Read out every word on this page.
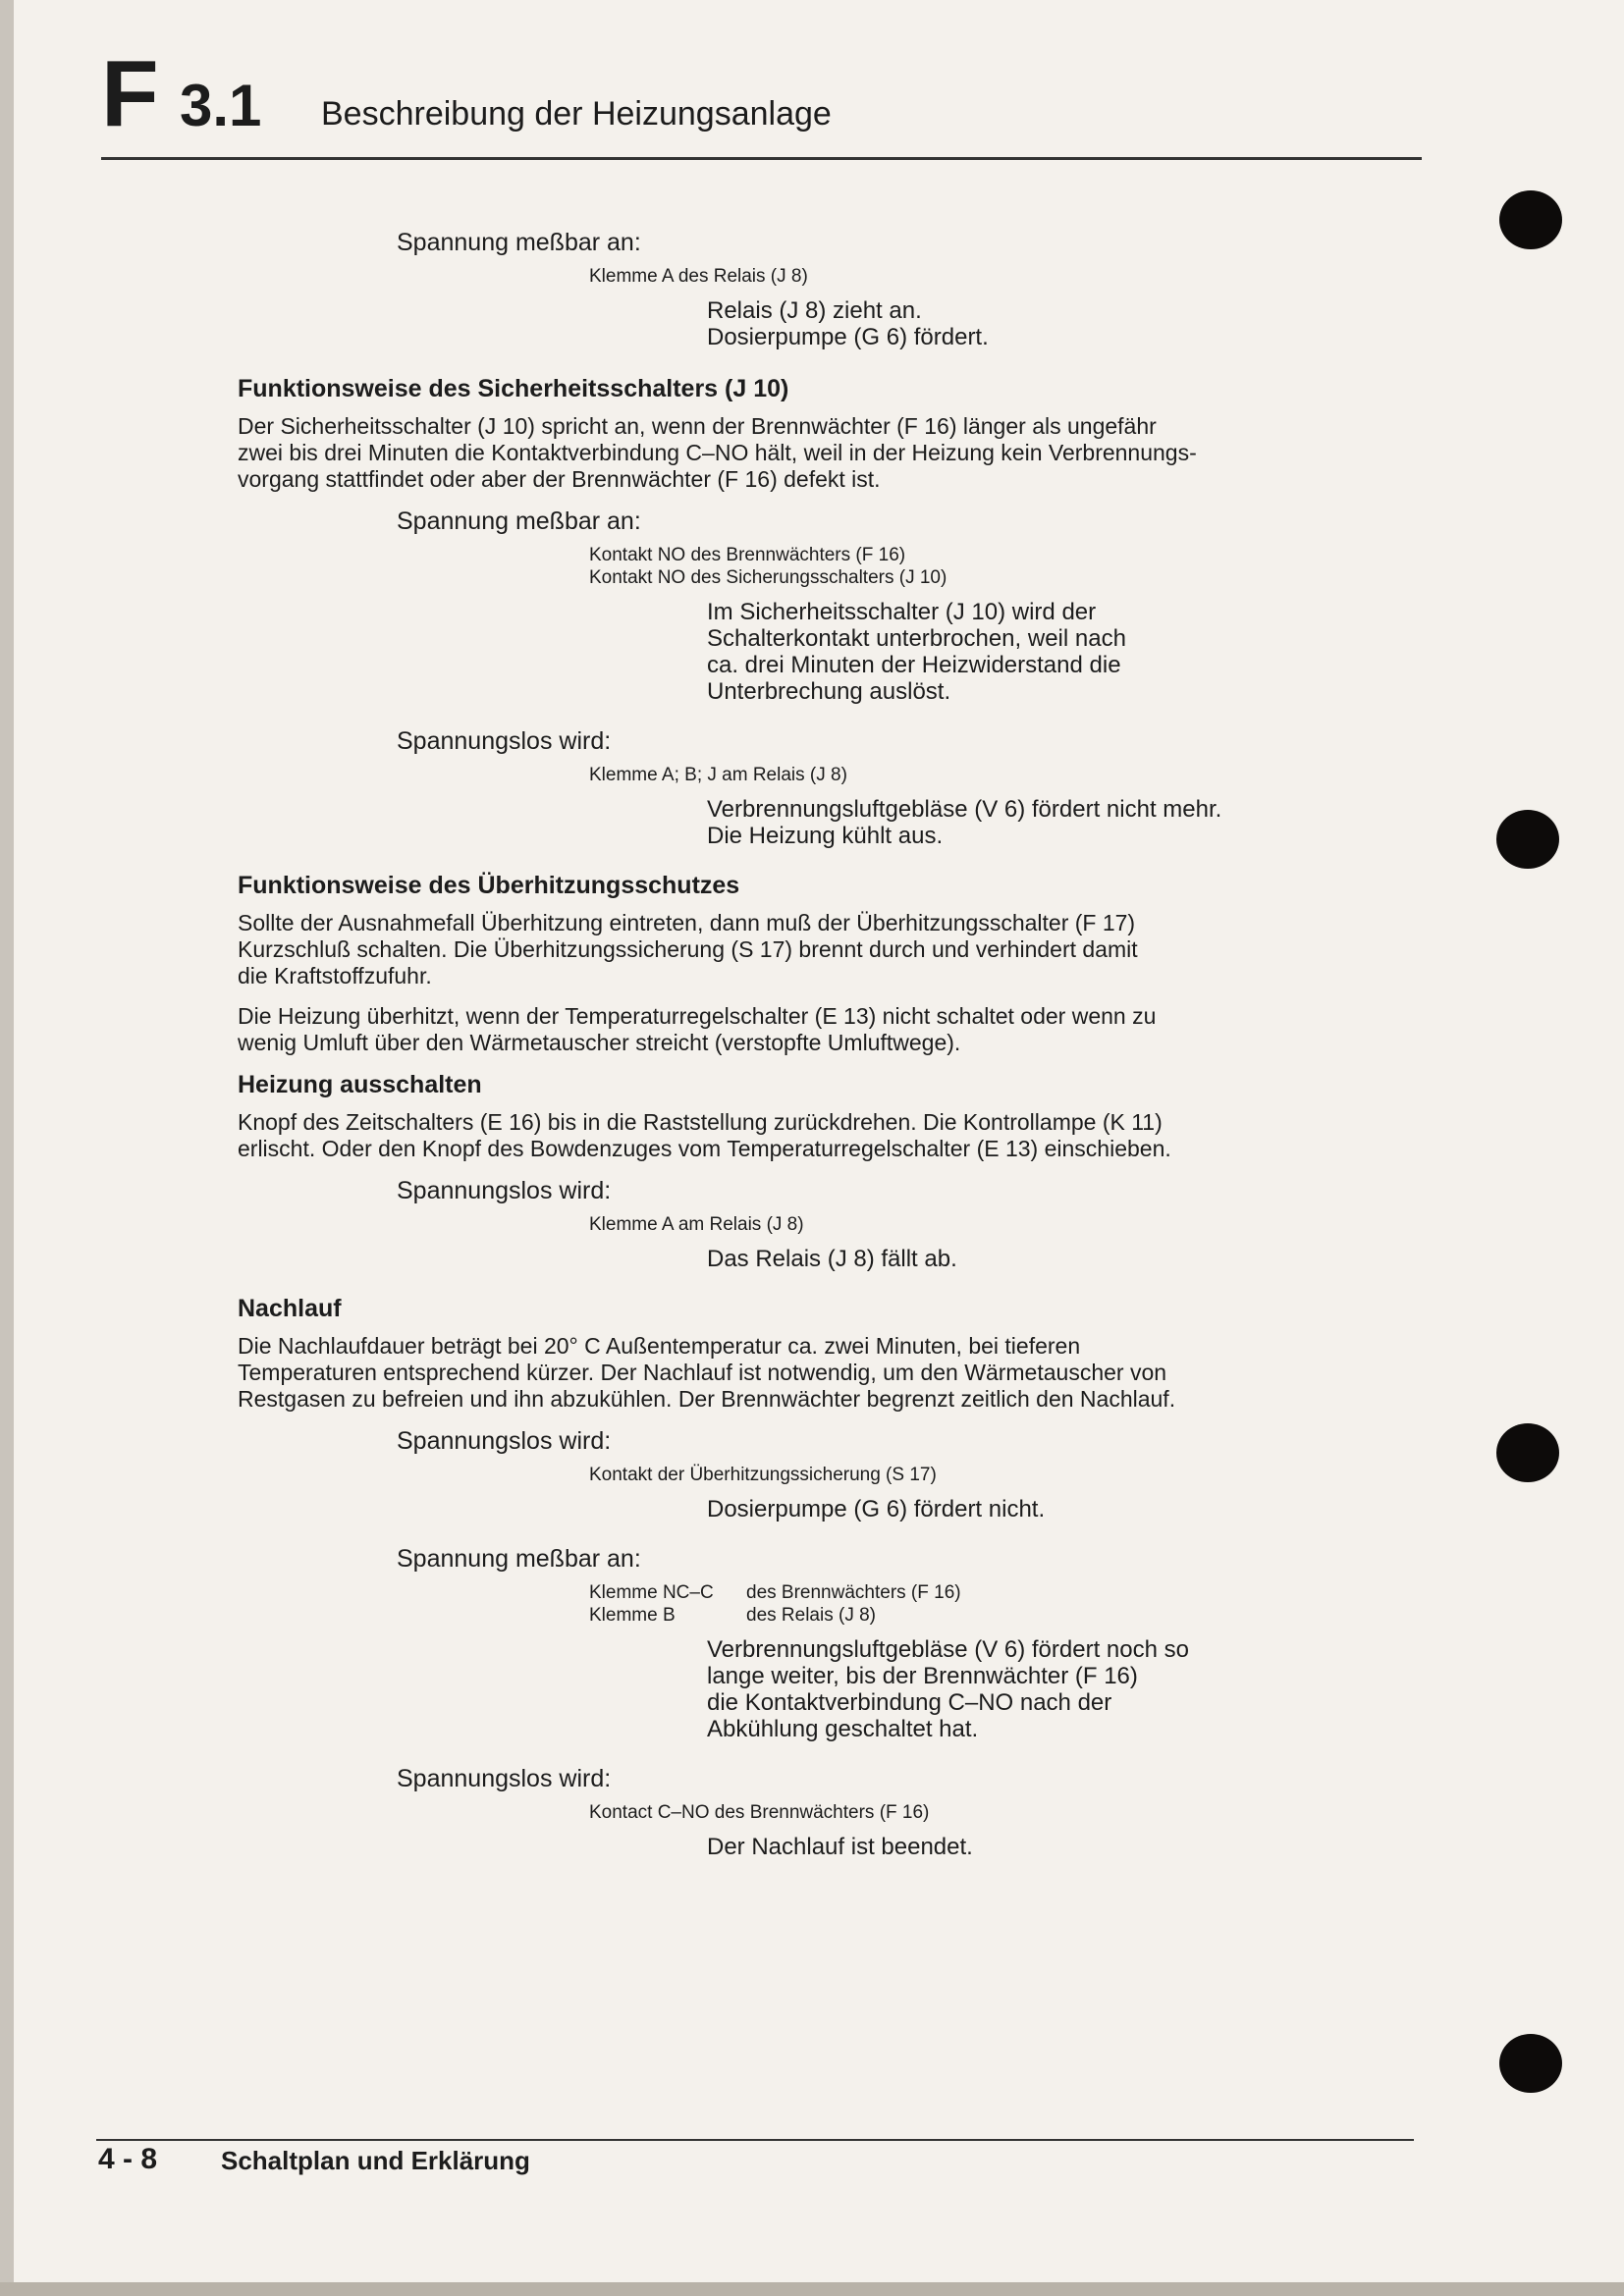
F 3.1 Beschreibung der Heizungsanlage
Spannung meßbar an:
Klemme A des Relais (J 8)
Relais (J 8) zieht an.
Dosierpumpe (G 6) fördert.
Funktionsweise des Sicherheitsschalters (J 10)
Der Sicherheitsschalter (J 10) spricht an, wenn der Brennwächter (F 16) länger als ungefähr
zwei bis drei Minuten die Kontaktverbindung C–NO hält, weil in der Heizung kein Verbrennungs-
vorgang stattfindet oder aber der Brennwächter (F 16) defekt ist.
Spannung meßbar an:
Kontakt NO des Brennwächters (F 16)
Kontakt NO des Sicherungsschalters (J 10)
Im Sicherheitsschalter (J 10) wird der
Schalterkontakt unterbrochen, weil nach
ca. drei Minuten der Heizwiderstand die
Unterbrechung auslöst.
Spannungslos wird:
Klemme A; B; J am Relais (J 8)
Verbrennungsluftgebläse (V 6) fördert nicht mehr.
Die Heizung kühlt aus.
Funktionsweise des Überhitzungsschutzes
Sollte der Ausnahmefall Überhitzung eintreten, dann muß der Überhitzungsschalter (F 17)
Kurzschluß schalten. Die Überhitzungssicherung (S 17) brennt durch und verhindert damit
die Kraftstoffzufuhr.
Die Heizung überhitzt, wenn der Temperaturregelschalter (E 13) nicht schaltet oder wenn zu
wenig Umluft über den Wärmetauscher streicht (verstopfte Umluftwege).
Heizung ausschalten
Knopf des Zeitschalters (E 16) bis in die Raststellung zurückdrehen. Die Kontrollampe (K 11)
erlischt. Oder den Knopf des Bowdenzuges vom Temperaturregelschalter (E 13) einschieben.
Spannungslos wird:
Klemme A am Relais (J 8)
Das Relais (J 8) fällt ab.
Nachlauf
Die Nachlaufdauer beträgt bei 20° C Außentemperatur ca. zwei Minuten, bei tieferen
Temperaturen entsprechend kürzer. Der Nachlauf ist notwendig, um den Wärmetauscher von
Restgasen zu befreien und ihn abzukühlen. Der Brennwächter begrenzt zeitlich den Nachlauf.
Spannungslos wird:
Kontakt der Überhitzungssicherung (S 17)
Dosierpumpe (G 6) fördert nicht.
Spannung meßbar an:
Klemme NC–C	des Brennwächters (F 16)
Klemme B	des Relais (J 8)
Verbrennungsluftgebläse (V 6) fördert noch so
lange weiter, bis der Brennwächter (F 16)
die Kontaktverbindung C–NO nach der
Abkühlung geschaltet hat.
Spannungslos wird:
Kontact C–NO des Brennwächters (F 16)
Der Nachlauf ist beendet.
4 - 8 Schaltplan und Erklärung
